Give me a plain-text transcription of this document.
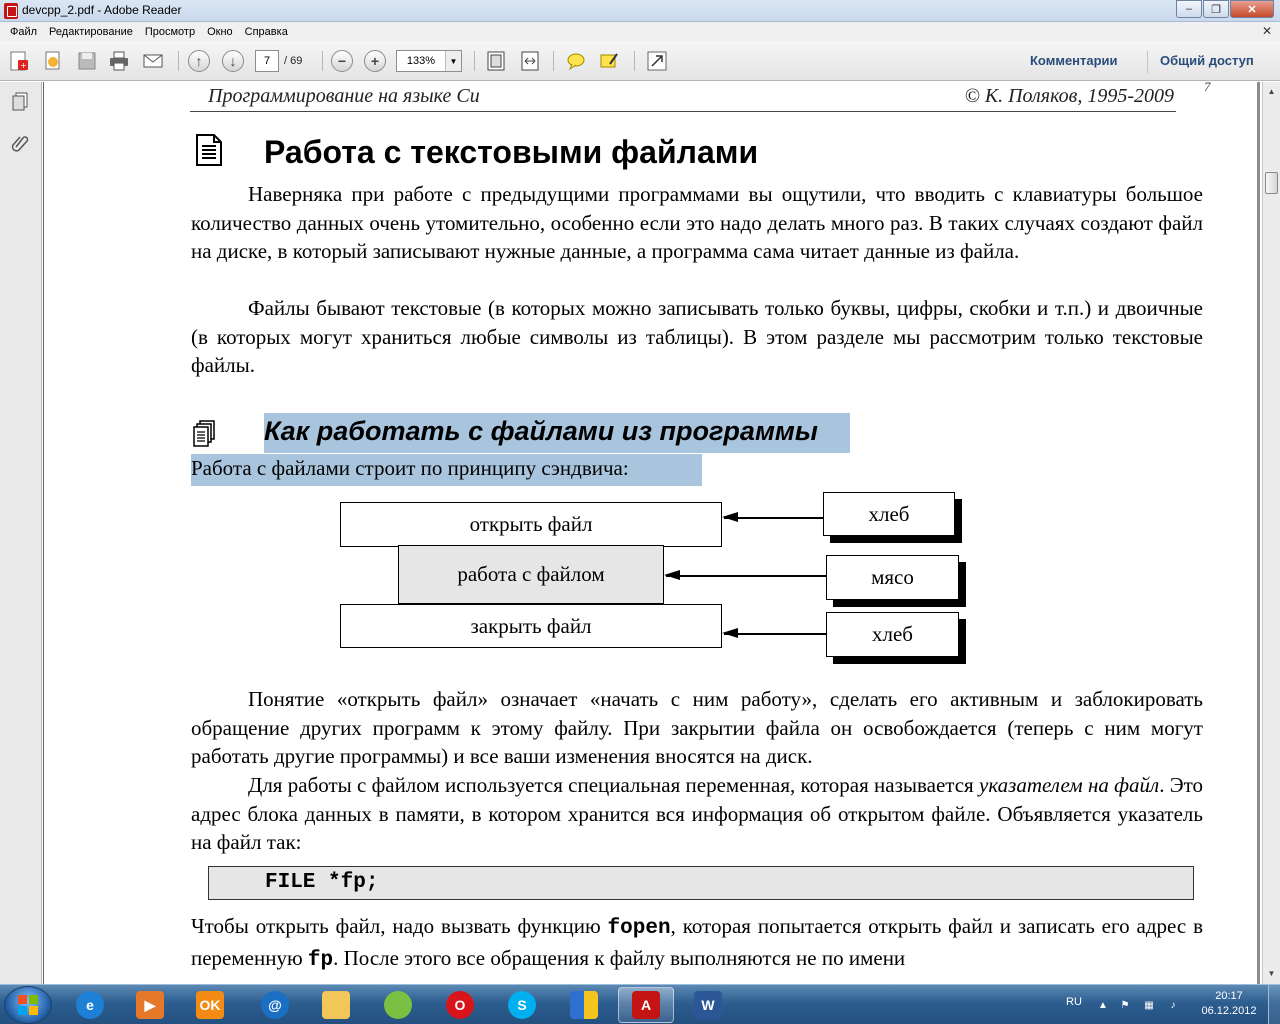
devcpp_2.pdf - Adobe Reader	–	❐	✕
Файл	Редактирование	Просмотр	Окно	Справка	✕
+	↑	↓	7	/ 69	−	+	133%	▼	Комментарии	Общий доступ
Программирование на языке Си	© К. Поляков, 1995-2009 7
Работа с текстовыми файлами
Наверняка при работе с предыдущими программами вы ощутили, что вводить с клавиатуры большое количество данных очень утомительно, особенно если это надо делать много раз. В таких случаях создают файл на диске, в который записывают нужные данные, а программа сама читает данные из файла.
Файлы бывают текстовые (в которых можно записывать только буквы, цифры, скобки и т.п.) и двоичные (в которых могут храниться любые символы из таблицы). В этом разделе мы рассмотрим только текстовые файлы.
Как работать с файлами из программы
Работа с файлами строит по принципу сэндвича:
открыть файл
работа с файлом
закрыть файл
хлеб
мясо
хлеб
Понятие «открыть файл» означает «начать с ним работу», сделать его активным и заблокировать обращение других программ к этому файлу. При закрытии файла он освобождается (теперь с ним могут работать другие программы) и все ваши изменения вносятся на диск.
Для работы с файлом используется специальная переменная, которая называется указателем на файл. Это адрес блока данных в памяти, в котором хранится вся информация об открытом файле. Объявляется указатель на файл так:
FILE *fp;
Чтобы открыть файл, надо вызвать функцию fopen, которая попытается открыть файл и записать его адрес в переменную fp. После этого все обращения к файлу выполняются не по имени
▲
▼
e	▶	OK	@	O	S	A	W	RU ▲ ⚑ ▦	♪
20:17
06.12.2012
